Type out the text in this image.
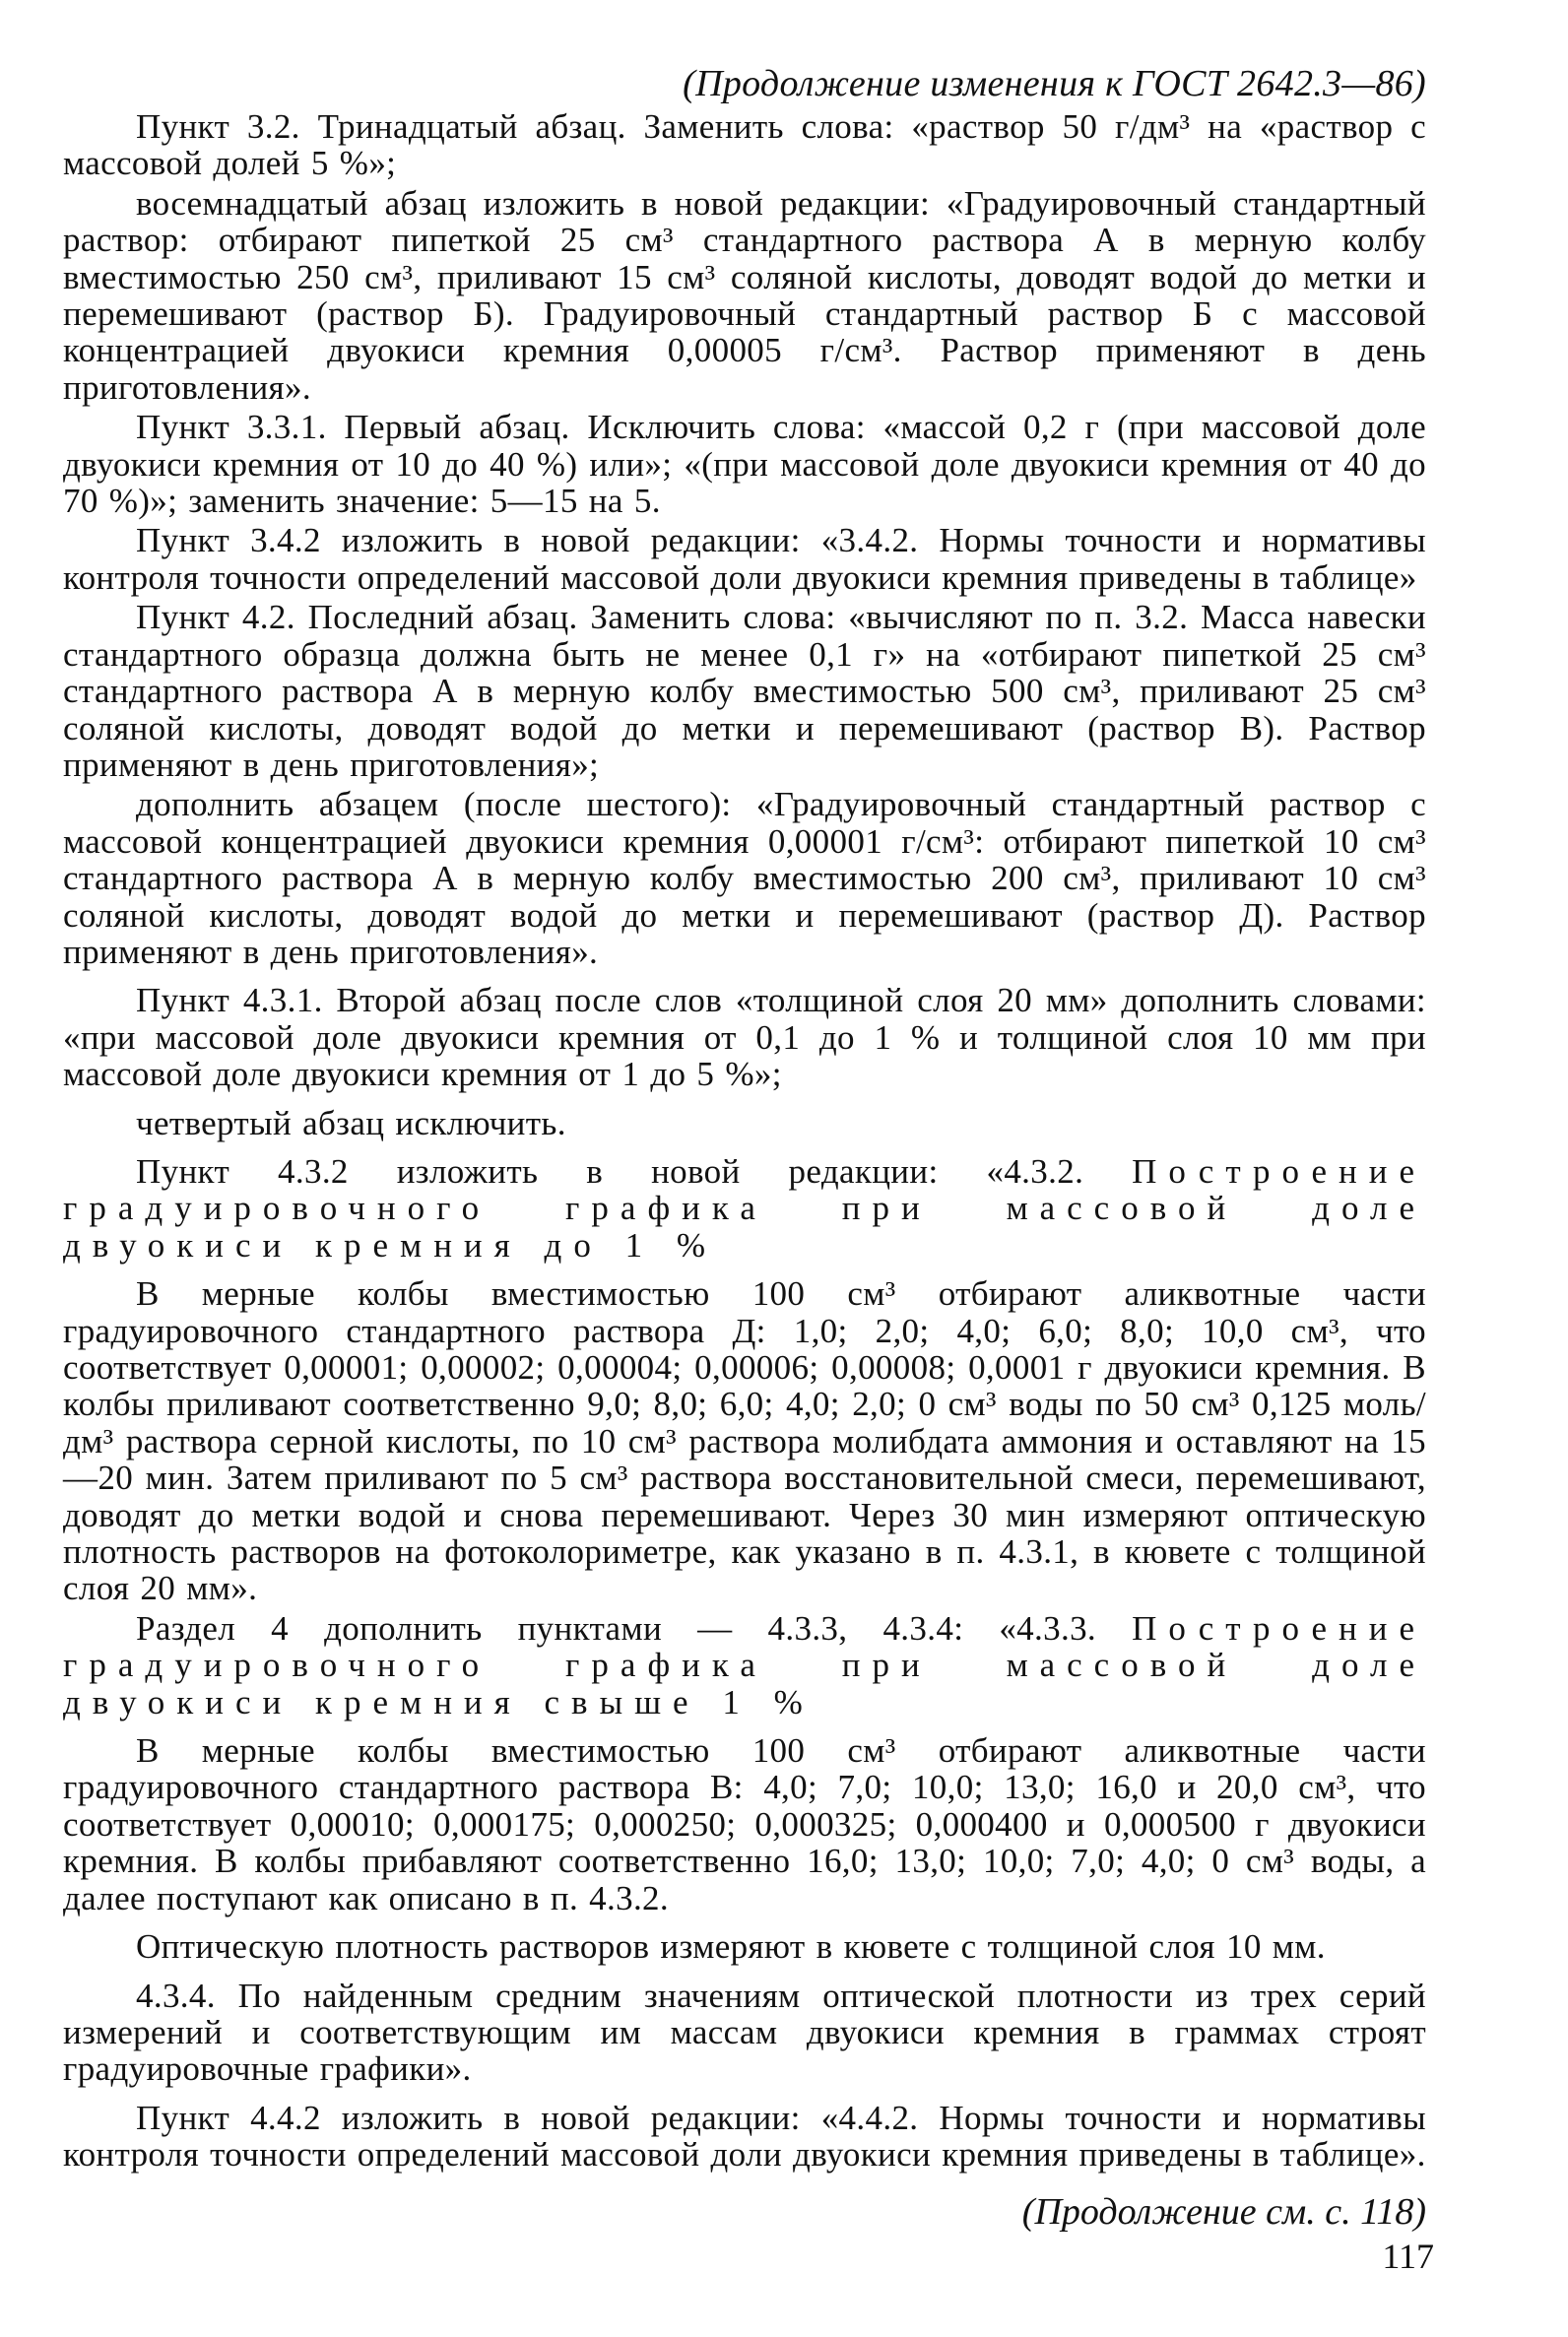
(Продолжение изменения к ГОСТ 2642.3—86)

Пункт 3.2. Тринадцатый абзац. Заменить слова: «раствор 50 г/дм³ на «раствор с массовой долей 5 %»;

восемнадцатый абзац изложить в новой редакции: «Градуировочный стандартный раствор: отбирают пипеткой 25 см³ стандартного раствора А в мерную колбу вместимостью 250 см³, приливают 15 см³ соляной кислоты, доводят водой до метки и перемешивают (раствор Б). Градуировочный стандартный раствор Б с массовой концентрацией двуокиси кремния 0,00005 г/см³. Раствор применяют в день приготовления».

Пункт 3.3.1. Первый абзац. Исключить слова: «массой 0,2 г (при массовой доле двуокиси кремния от 10 до 40 %) или»; «(при массовой доле двуокиси кремния от 40 до 70 %)»; заменить значение: 5—15 на 5.

Пункт 3.4.2 изложить в новой редакции: «3.4.2. Нормы точности и нормативы контроля точности определений массовой доли двуокиси кремния приведены в таблице»

Пункт 4.2. Последний абзац. Заменить слова: «вычисляют по п. 3.2. Масса навески стандартного образца должна быть не менее 0,1 г» на «отбирают пипеткой 25 см³ стандартного раствора А в мерную колбу вместимостью 500 см³, приливают 25 см³ соляной кислоты, доводят водой до метки и перемешивают (раствор В). Раствор применяют в день приготовления»;

дополнить абзацем (после шестого): «Градуировочный стандартный раствор с массовой концентрацией двуокиси кремния 0,00001 г/см³: отбирают пипеткой 10 см³ стандартного раствора А в мерную колбу вместимостью 200 см³, приливают 10 см³ соляной кислоты, доводят водой до метки и перемешивают (раствор Д). Раствор применяют в день приготовления».

Пункт 4.3.1. Второй абзац после слов «толщиной слоя 20 мм» дополнить словами: «при массовой доле двуокиси кремния от 0,1 до 1 % и толщиной слоя 10 мм при массовой доле двуокиси кремния от 1 до 5 %»;

четвертый абзац исключить.

Пункт 4.3.2 изложить в новой редакции: «4.3.2. Построение градуировочного графика при массовой доле двуокиси кремния до 1 %

В мерные колбы вместимостью 100 см³ отбирают аликвотные части градуировочного стандартного раствора Д: 1,0; 2,0; 4,0; 6,0; 8,0; 10,0 см³, что соответствует 0,00001; 0,00002; 0,00004; 0,00006; 0,00008; 0,0001 г двуокиси кремния. В колбы приливают соответственно 9,0; 8,0; 6,0; 4,0; 2,0; 0 см³ воды по 50 см³ 0,125 моль/дм³ раствора серной кислоты, по 10 см³ раствора молибдата аммония и оставляют на 15—20 мин. Затем приливают по 5 см³ раствора восстановительной смеси, перемешивают, доводят до метки водой и снова перемешивают. Через 30 мин измеряют оптическую плотность растворов на фотоколориметре, как указано в п. 4.3.1, в кювете с толщиной слоя 20 мм».

Раздел 4 дополнить пунктами — 4.3.3, 4.3.4: «4.3.3. Построение градуировочного графика при массовой доле двуокиси кремния свыше 1 %

В мерные колбы вместимостью 100 см³ отбирают аликвотные части градуировочного стандартного раствора В: 4,0; 7,0; 10,0; 13,0; 16,0 и 20,0 см³, что соответствует 0,00010; 0,000175; 0,000250; 0,000325; 0,000400 и 0,000500 г двуокиси кремния. В колбы прибавляют соответственно 16,0; 13,0; 10,0; 7,0; 4,0; 0 см³ воды, а далее поступают как описано в п. 4.3.2.

Оптическую плотность растворов измеряют в кювете с толщиной слоя 10 мм.

4.3.4. По найденным средним значениям оптической плотности из трех серий измерений и соответствующим им массам двуокиси кремния в граммах строят градуировочные графики».

Пункт 4.4.2 изложить в новой редакции: «4.4.2. Нормы точности и нормативы контроля точности определений массовой доли двуокиси кремния приведены в таблице».

(Продолжение см. с. 118)
117
